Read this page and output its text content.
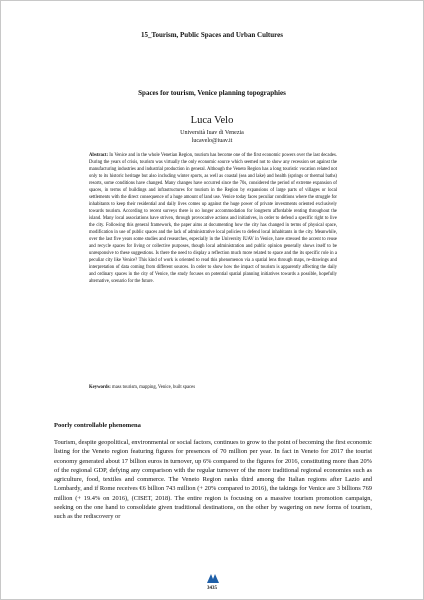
15_Tourism, Public Spaces and Urban Cultures
Spaces for tourism, Venice planning topographies
Luca Velo
Università Iuav di Venezia
lucavelo@iuav.it

Abstract: In Venice and in the whole Venetian Region, tourism has become one of the first economic powers over the last decades. During the years of crisis, tourism was virtually the only economic source which seemed not to show any recession set against the manufacturing industries and industrial production in general. Although the Veneto Region has a long touristic vocation related not only to its historic heritage but also including winter sports, as well as coastal (sea and lake) and health (springs or thermal baths) resorts, some conditions have changed. Many changes have occurred since the 70s, considered the period of extreme expansion of spaces, in terms of buildings and infrastructures for tourism in the Region by expansions of large parts of villages or local settlements with the direct consequence of a huge amount of land use. Venice today faces peculiar conditions where the struggle for inhabitants to keep their residential and daily lives comes up against the huge power of private investments oriented exclusively towards tourism. According to recent surveys there is no longer accommodation for longterm affordable renting throughout the island. Many local associations have striven, through provocative actions and initiatives, in order to defend a specific right to live the city. Following this general framework, the paper aims at documenting how the city has changed in terms of physical space, modification in use of public spaces and the lack of administrative local policies to defend local inhabitants in the city. Meanwhile, over the last five years some studies and researches, especially in the University IUAV in Venice, have stressed the accent to reuse and recycle spaces for living or collective purposes, though local administration and public opinion generally shows itself to be unresponsive to these suggestions. Is there the need to display a reflection much more related to space and the its specific role in a peculiar city like Venice? This kind of work is oriented to read this phenomenon via a spatial lens through maps, re-drawings and interpretation of data coming from different sources. In order to show how the impact of tourism is apparently affecting the daily and ordinary spaces in the city of Venice, the study focuses on potential spatial planning initiatives towards a possible, hopefully alternative, scenario for the future.

Keywords: mass tourism, mapping, Venice, built spaces

Poorly controllable phenomena

Tourism, despite geopolitical, environmental or social factors, continues to grow to the point of becoming the first economic listing for the Veneto region featuring figures for presences of 70 million per year. In fact in Veneto for 2017 the tourist economy generated about 17 billion euros in turnover, up 6% compared to the figures for 2016, constituting more than 20% of the regional GDP, defying any comparison with the regular turnover of the more traditional regional economies such as agriculture, food, textiles and commerce. The Veneto Region ranks third among the Italian regions after Lazio and Lombardy, and if Rome receives €6 billion 743 million (+ 20% compared to 2016), the takings for Venice are 3 billions 769 million (+ 19.4% on 2016), (CISET, 2018). The entire region is focusing on a massive tourism promotion campaign, seeking on the one hand to consolidate given traditional destinations, on the other by wagering on new forms of tourism, such as the rediscovery or

3435
